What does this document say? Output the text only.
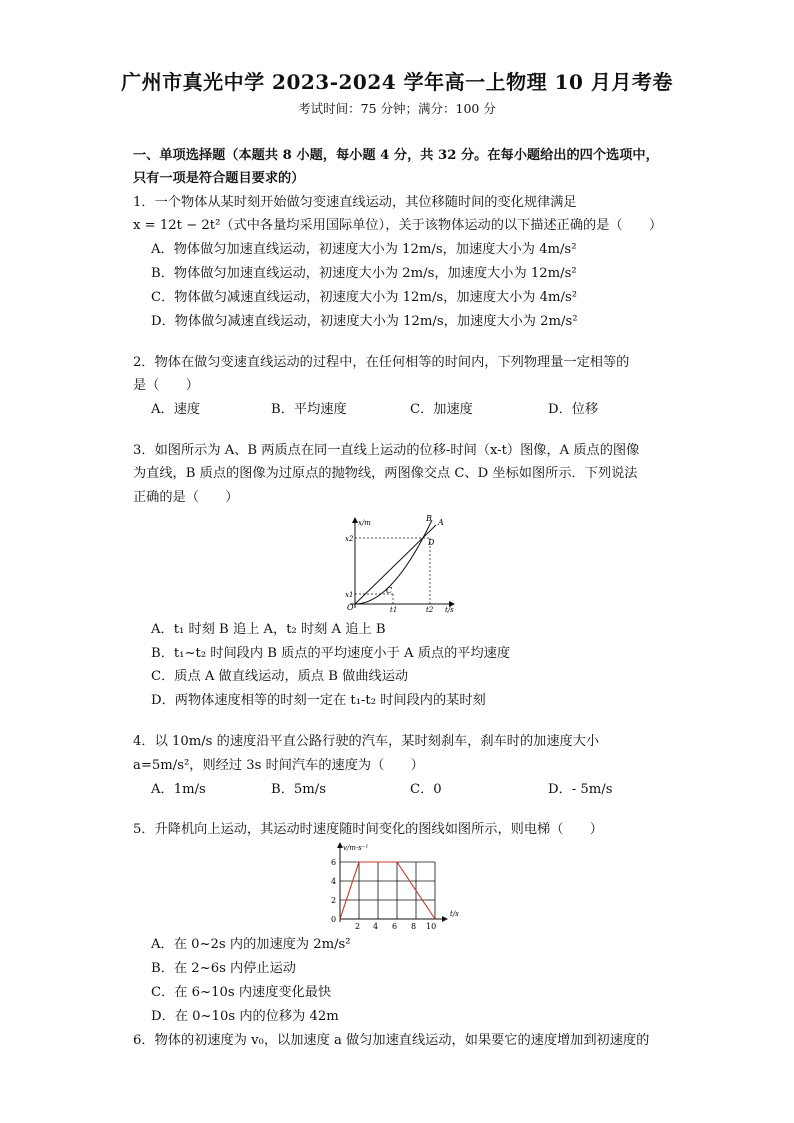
广州市真光中学 2023-2024 学年高一上物理 10 月月考卷
考试时间：75 分钟；满分：100 分
一、单项选择题（本题共 8 小题，每小题 4 分，共 32 分。在每小题给出的四个选项中，
只有一项是符合题目要求的）
1．一个物体从某时刻开始做匀变速直线运动，其位移随时间的变化规律满足
x = 12t − 2t²（式中各量均采用国际单位），关于该物体运动的以下描述正确的是（　　）
A．物体做匀加速直线运动，初速度大小为 12m/s，加速度大小为 4m/s²
B．物体做匀加速直线运动，初速度大小为 2m/s，加速度大小为 12m/s²
C．物体做匀减速直线运动，初速度大小为 12m/s，加速度大小为 4m/s²
D．物体做匀减速直线运动，初速度大小为 12m/s，加速度大小为 2m/s²
2．物体在做匀变速直线运动的过程中，在任何相等的时间内，下列物理量一定相等的
是（　　）
A．速度	B．平均速度	C．加速度	D．位移
3．如图所示为 A、B 两质点在同一直线上运动的位移-时间（x-t）图像，A 质点的图像
为直线，B 质点的图像为过原点的抛物线，两图像交点 C、D 坐标如图所示．下列说法
正确的是（　　）
x/m
t/s
O
x2
x1
t1	t2
A
B
C
D
A．t₁ 时刻 B 追上 A，t₂ 时刻 A 追上 B
B．t₁~t₂ 时间段内 B 质点的平均速度小于 A 质点的平均速度
C．质点 A 做直线运动，质点 B 做曲线运动
D．两物体速度相等的时刻一定在 t₁-t₂ 时间段内的某时刻
4．以 10m/s 的速度沿平直公路行驶的汽车，某时刻刹车，刹车时的加速度大小
a=5m/s²，则经过 3s 时间汽车的速度为（　　）
A．1m/s	B．5m/s	C．0	D．- 5m/s
5．升降机向上运动，其运动时速度随时间变化的图线如图所示，则电梯（　　）
v/m·s⁻¹
t/s
0
2
4
6
2 4 6 8 10
A．在 0~2s 内的加速度为 2m/s²
B．在 2~6s 内停止运动
C．在 6~10s 内速度变化最快
D．在 0~10s 内的位移为 42m
6．物体的初速度为 v₀，以加速度 a 做匀加速直线运动，如果要它的速度增加到初速度的
